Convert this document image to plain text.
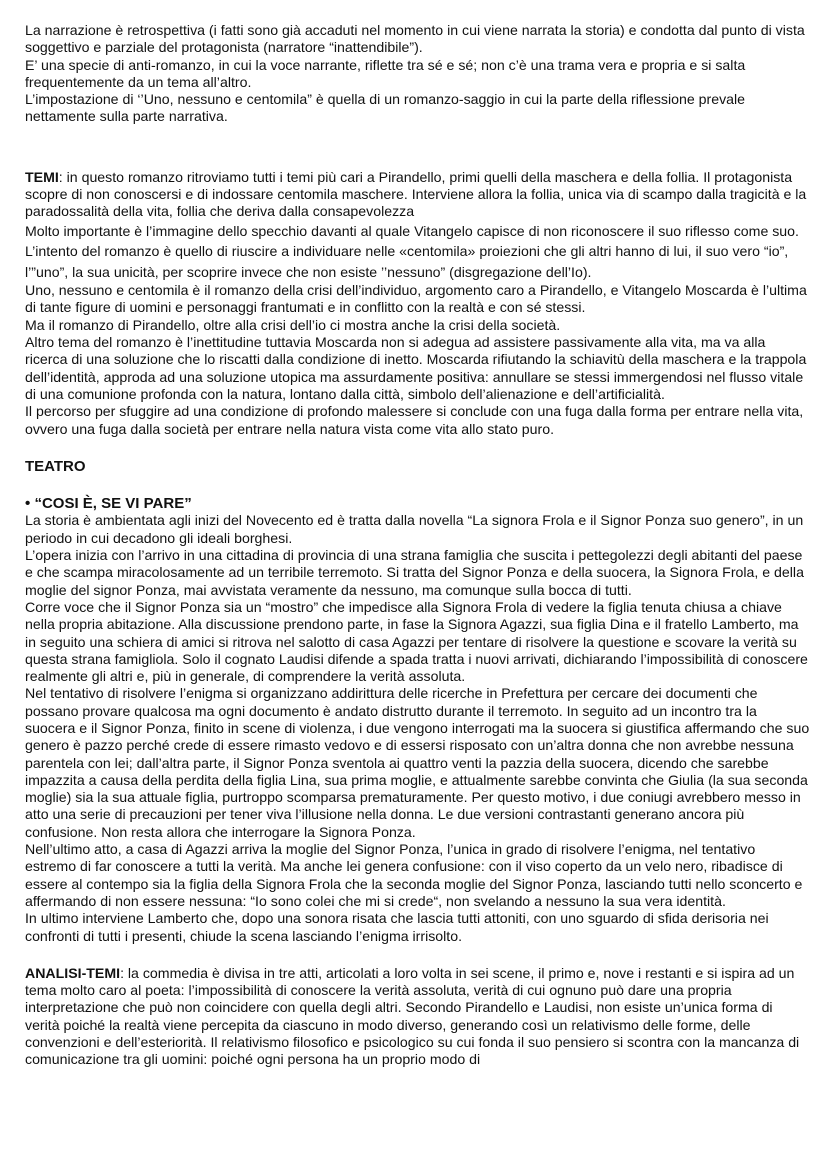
La narrazione è retrospettiva (i fatti sono già accaduti nel momento in cui viene narrata la storia) e condotta dal punto di vista soggettivo e parziale del protagonista (narratore “inattendibile”).

E’ una specie di anti-romanzo, in cui la voce narrante, riflette tra sé e sé; non c’è una trama vera e propria e si salta frequentemente da un tema all’altro.

L’impostazione di ‘’Uno, nessuno e centomila” è quella di un romanzo-saggio in cui la parte della riflessione prevale nettamente sulla parte narrativa.

TEMI: in questo romanzo ritroviamo tutti i temi più cari a Pirandello, primi quelli della maschera e della follia. Il protagonista scopre di non conoscersi e di indossare centomila maschere. Interviene allora la follia, unica via di scampo dalla tragicità e la paradossalità della vita, follia che deriva dalla consapevolezza

Molto importante è l’immagine dello specchio davanti al quale Vitangelo capisce di non riconoscere il suo riflesso come suo. L’intento del romanzo è quello di riuscire a individuare nelle «centomila» proiezioni che gli altri hanno di lui, il suo vero “io”, l’”uno”, la sua unicità, per scoprire invece che non esiste ’’nessuno” (disgregazione dell’Io).

Uno, nessuno e centomila è il romanzo della crisi dell’individuo, argomento caro a Pirandello, e Vitangelo Moscarda è l’ultima di tante figure di uomini e personaggi frantumati e in conflitto con la realtà e con sé stessi.

Ma il romanzo di Pirandello, oltre alla crisi dell’io ci mostra anche la crisi della società.

Altro tema del romanzo è l’inettitudine tuttavia Moscarda non si adegua ad assistere passivamente alla vita, ma va alla ricerca di una soluzione che lo riscatti dalla condizione di inetto. Moscarda rifiutando la schiavitù della maschera e la trappola dell’identità, approda ad una soluzione utopica ma assurdamente positiva: annullare se stessi immergendosi nel flusso vitale di una comunione profonda con la natura, lontano dalla città, simbolo dell’alienazione e dell’artificialità.

Il percorso per sfuggire ad una condizione di profondo malessere si conclude con una fuga dalla forma per entrare nella vita, ovvero una fuga dalla società per entrare nella natura vista come vita allo stato puro.

TEATRO

• “COSI È, SE VI PARE”

La storia è ambientata agli inizi del Novecento ed è tratta dalla novella “La signora Frola e il Signor Ponza suo genero”, in un periodo in cui decadono gli ideali borghesi.

L’opera inizia con l’arrivo in una cittadina di provincia di una strana famiglia che suscita i pettegolezzi degli abitanti del paese e che scampa miracolosamente ad un terribile terremoto. Si tratta del Signor Ponza e della suocera, la Signora Frola, e della moglie del signor Ponza, mai avvistata veramente da nessuno, ma comunque sulla bocca di tutti.

Corre voce che il Signor Ponza sia un “mostro” che impedisce alla Signora Frola di vedere la figlia tenuta chiusa a chiave nella propria abitazione. Alla discussione prendono parte, in fase la Signora Agazzi, sua figlia Dina e il fratello Lamberto, ma in seguito una schiera di amici si ritrova nel salotto di casa Agazzi per tentare di risolvere la questione e scovare la verità su questa strana famigliola. Solo il cognato Laudisi difende a spada tratta i nuovi arrivati, dichiarando l’impossibilità di conoscere realmente gli altri e, più in generale, di comprendere la verità assoluta.

Nel tentativo di risolvere l’enigma si organizzano addirittura delle ricerche in Prefettura per cercare dei documenti che possano provare qualcosa ma ogni documento è andato distrutto durante il terremoto. In seguito ad un incontro tra la suocera e il Signor Ponza, finito in scene di violenza, i due vengono interrogati ma la suocera si giustifica affermando che suo genero è pazzo perché crede di essere rimasto vedovo e di essersi risposato con un’altra donna che non avrebbe nessuna parentela con lei; dall’altra parte, il Signor Ponza sventola ai quattro venti la pazzia della suocera, dicendo che sarebbe impazzita a causa della perdita della figlia Lina, sua prima moglie, e attualmente sarebbe convinta che Giulia (la sua seconda moglie) sia la sua attuale figlia, purtroppo scomparsa prematuramente. Per questo motivo, i due coniugi avrebbero messo in atto una serie di precauzioni per tener viva l’illusione nella donna. Le due versioni contrastanti generano ancora più confusione. Non resta allora che interrogare la Signora Ponza.

Nell’ultimo atto, a casa di Agazzi arriva la moglie del Signor Ponza, l’unica in grado di risolvere l’enigma, nel tentativo estremo di far conoscere a tutti la verità. Ma anche lei genera confusione: con il viso coperto da un velo nero, ribadisce di essere al contempo sia la figlia della Signora Frola che la seconda moglie del Signor Ponza, lasciando tutti nello sconcerto e affermando di non essere nessuna: “Io sono colei che mi si crede“, non svelando a nessuno la sua vera identità.

In ultimo interviene Lamberto che, dopo una sonora risata che lascia tutti attoniti, con uno sguardo di sfida derisoria nei confronti di tutti i presenti, chiude la scena lasciando l’enigma irrisolto.

ANALISI-TEMI: la commedia è divisa in tre atti, articolati a loro volta in sei scene, il primo e, nove i restanti e si ispira ad un tema molto caro al poeta: l’impossibilità di conoscere la verità assoluta, verità di cui ognuno può dare una propria interpretazione che può non coincidere con quella degli altri. Secondo Pirandello e Laudisi, non esiste un’unica forma di verità poiché la realtà viene percepita da ciascuno in modo diverso, generando così un relativismo delle forme, delle convenzioni e dell’esteriorità. Il relativismo filosofico e psicologico su cui fonda il suo pensiero si scontra con la mancanza di comunicazione tra gli uomini: poiché ogni persona ha un proprio modo di
